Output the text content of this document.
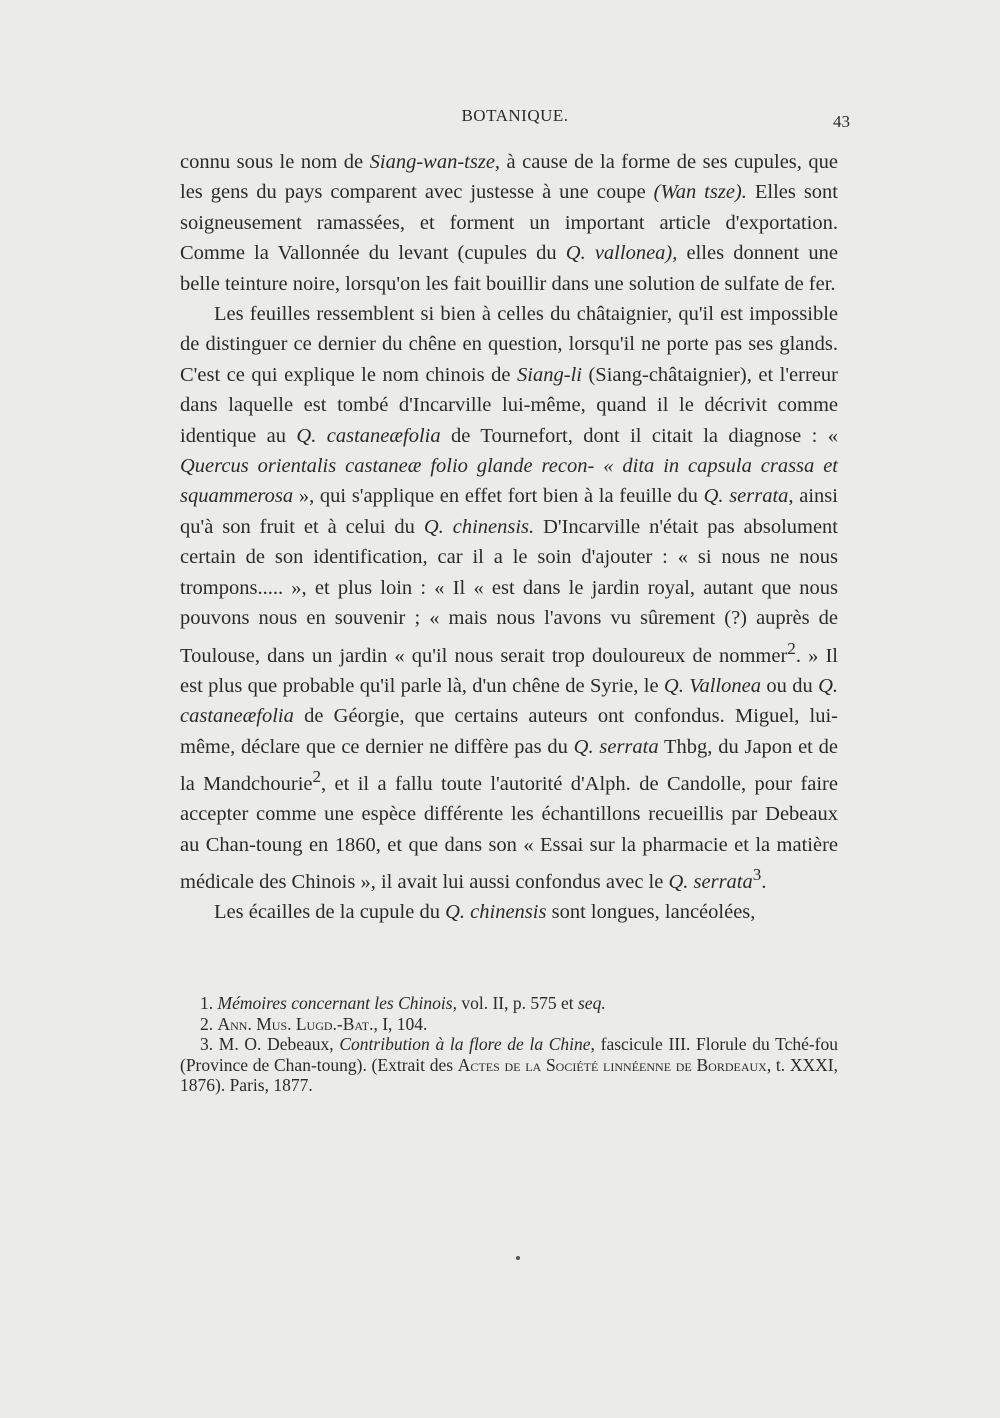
BOTANIQUE.	43

connu sous le nom de Siang-wan-tsze, à cause de la forme de ses cupules, que les gens du pays comparent avec justesse à une coupe (Wan tsze). Elles sont soigneusement ramassées, et forment un important article d'exportation. Comme la Vallonnée du levant (cupules du Q. vallonea), elles donnent une belle teinture noire, lorsqu'on les fait bouillir dans une solution de sulfate de fer.

Les feuilles ressemblent si bien à celles du châtaignier, qu'il est impossible de distinguer ce dernier du chêne en question, lorsqu'il ne porte pas ses glands. C'est ce qui explique le nom chinois de Siang-li (Siang-châtaignier), et l'erreur dans laquelle est tombé d'Incarville lui-même, quand il le décrivit comme identique au Q. castaneæfolia de Tournefort, dont il citait la diagnose : « Quercus orientalis castaneæ folio glande recon- « dita in capsula crassa et squammerosa », qui s'applique en effet fort bien à la feuille du Q. serrata, ainsi qu'à son fruit et à celui du Q. chinensis. D'Incarville n'était pas absolument certain de son identification, car il a le soin d'ajouter : « si nous ne nous trompons..... », et plus loin : « Il « est dans le jardin royal, autant que nous pouvons nous en souvenir ; « mais nous l'avons vu sûrement (?) auprès de Toulouse, dans un jardin « qu'il nous serait trop douloureux de nommer$^2$. » Il est plus que probable qu'il parle là, d'un chêne de Syrie, le Q. Vallonea ou du Q. castaneæfolia de Géorgie, que certains auteurs ont confondus. Miguel, lui-même, déclare que ce dernier ne diffère pas du Q. serrata Thbg, du Japon et de la Mandchourie$^2$, et il a fallu toute l'autorité d'Alph. de Candolle, pour faire accepter comme une espèce différente les échantillons recueillis par Debeaux au Chan-toung en 1860, et que dans son « Essai sur la pharmacie et la matière médicale des Chinois », il avait lui aussi confondus avec le Q. serrata$^3$.

Les écailles de la cupule du Q. chinensis sont longues, lancéolées,

1. Mémoires concernant les Chinois, vol. II, p. 575 et seq.

2. Ann. Mus. Lugd.-Bat., I, 104.

3. M. O. Debeaux, Contribution à la flore de la Chine, fascicule III. Florule du Tché-fou (Province de Chan-toung). (Extrait des Actes de la Société linnéenne de Bordeaux, t. XXXI, 1876). Paris, 1877.
